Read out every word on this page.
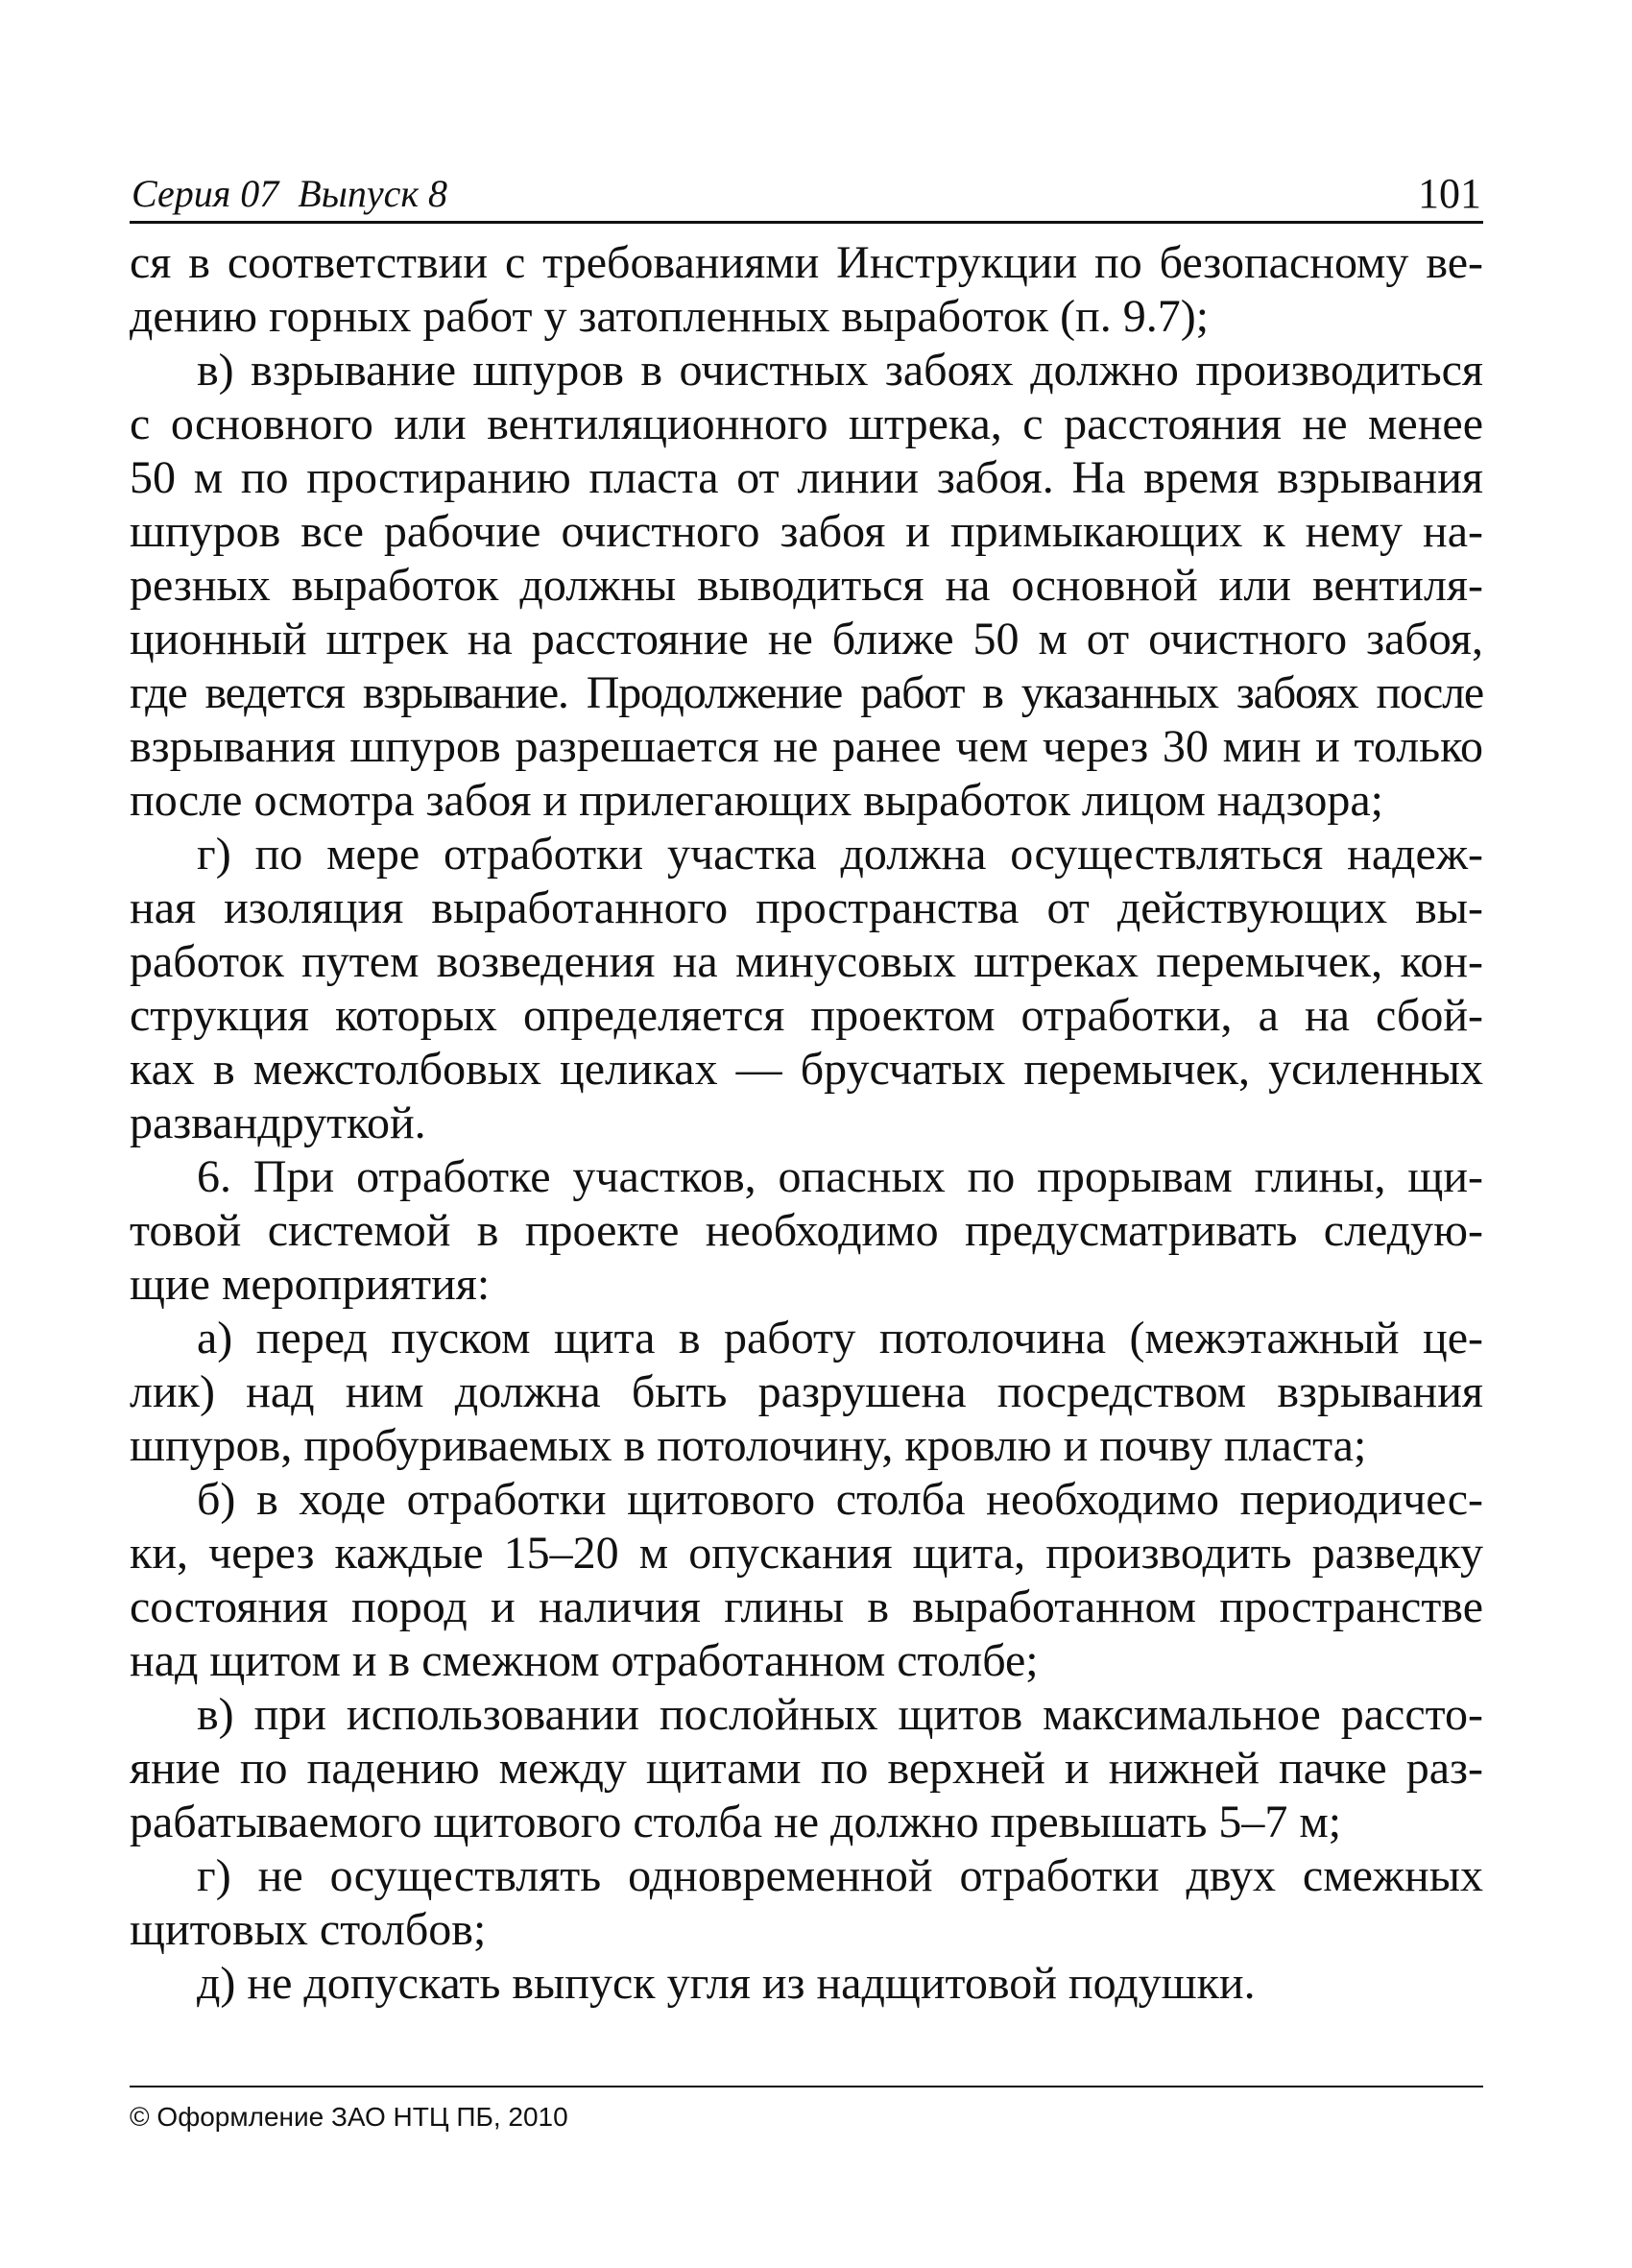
Серия 07  Выпуск 8	101

ся в соответствии с требованиями Инструкции по безопасному ве-
дению горных работ у затопленных выработок (п. 9.7);

в) взрывание шпуров в очистных забоях должно производиться
с основного или вентиляционного штрека, с расстояния не менее
50 м по простиранию пласта от линии забоя. На время взрывания
шпуров все рабочие очистного забоя и примыкающих к нему на-
резных выработок должны выводиться на основной или вентиля-
ционный штрек на расстояние не ближе 50 м от очистного забоя,
где ведется взрывание. Продолжение работ в указанных забоях после
взрывания шпуров разрешается не ранее чем через 30 мин и только
после осмотра забоя и прилегающих выработок лицом надзора;

г) по мере отработки участка должна осуществляться надеж-
ная изоляция выработанного пространства от действующих вы-
работок путем возведения на минусовых штреках перемычек, кон-
струкция которых определяется проектом отработки, а на сбой-
ках в межстолбовых целиках — брусчатых перемычек, усиленных
развандруткой.

6. При отработке участков, опасных по прорывам глины, щи-
товой системой в проекте необходимо предусматривать следую-
щие мероприятия:

а) перед пуском щита в работу потолочина (межэтажный це-
лик) над ним должна быть разрушена посредством взрывания
шпуров, пробуриваемых в потолочину, кровлю и почву пласта;

б) в ходе отработки щитового столба необходимо периодичес-
ки, через каждые 15–20 м опускания щита, производить разведку
состояния пород и наличия глины в выработанном пространстве
над щитом и в смежном отработанном столбе;

в) при использовании послойных щитов максимальное рассто-
яние по падению между щитами по верхней и нижней пачке раз-
рабатываемого щитового столба не должно превышать 5–7 м;

г) не осуществлять одновременной отработки двух смежных
щитовых столбов;

д) не допускать выпуск угля из надщитовой подушки.

© Оформление ЗАО НТЦ ПБ, 2010
